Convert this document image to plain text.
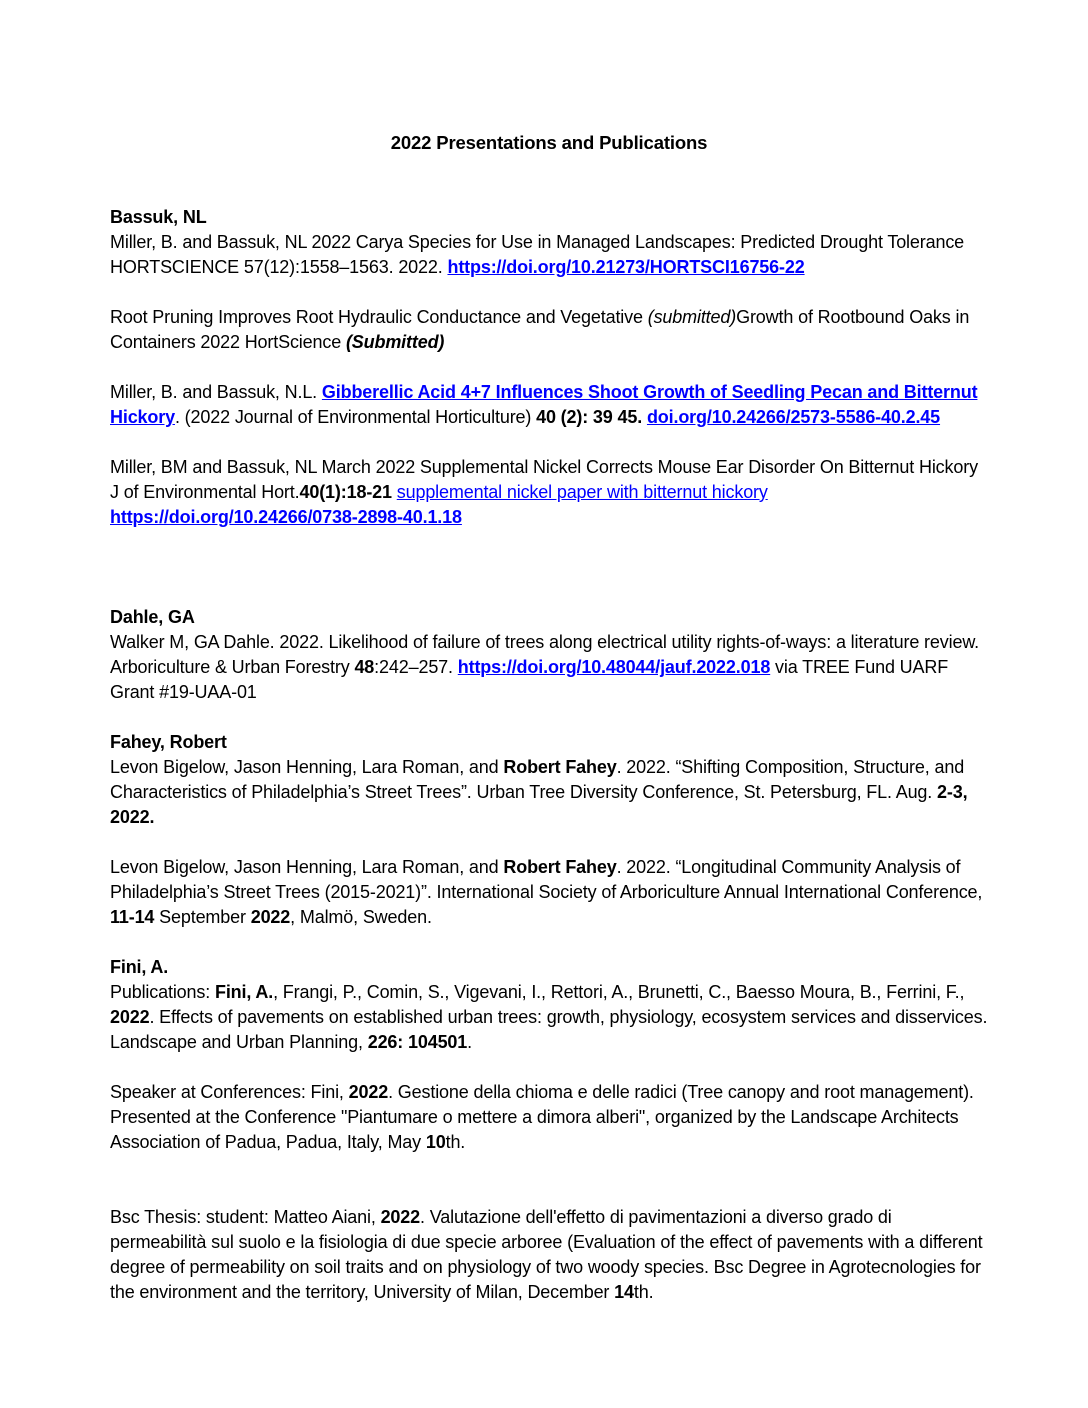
2022 Presentations and Publications
Bassuk, NL
Miller, B. and Bassuk, NL 2022 Carya Species for Use in Managed Landscapes: Predicted Drought Tolerance HORTSCIENCE 57(12):1558–1563. 2022. https://doi.org/10.21273/HORTSCI16756-22
Root Pruning Improves Root Hydraulic Conductance and Vegetative (submitted)Growth of Rootbound Oaks in Containers 2022 HortScience (Submitted)
Miller, B. and Bassuk, N.L. Gibberellic Acid 4+7 Influences Shoot Growth of Seedling Pecan and Bitternut Hickory. (2022 Journal of Environmental Horticulture) 40 (2): 39 45. doi.org/10.24266/2573-5586-40.2.45
Miller, BM and Bassuk, NL March 2022 Supplemental Nickel Corrects Mouse Ear Disorder On Bitternut Hickory J of Environmental Hort.40(1):18-21 supplemental nickel paper with bitternut hickory https://doi.org/10.24266/0738-2898-40.1.18
Dahle, GA
Walker M, GA Dahle. 2022. Likelihood of failure of trees along electrical utility rights-of-ways: a literature review. Arboriculture & Urban Forestry 48:242–257. https://doi.org/10.48044/jauf.2022.018 via TREE Fund UARF Grant #19-UAA-01
Fahey, Robert
Levon Bigelow, Jason Henning, Lara Roman, and Robert Fahey. 2022. “Shifting Composition, Structure, and Characteristics of Philadelphia’s Street Trees”. Urban Tree Diversity Conference, St. Petersburg, FL. Aug. 2-3, 2022.
Levon Bigelow, Jason Henning, Lara Roman, and Robert Fahey. 2022. “Longitudinal Community Analysis of Philadelphia’s Street Trees (2015-2021)”. International Society of Arboriculture Annual International Conference, 11-14 September 2022, Malmö, Sweden.
Fini, A.
Publications: Fini, A., Frangi, P., Comin, S., Vigevani, I., Rettori, A., Brunetti, C., Baesso Moura, B., Ferrini, F., 2022. Effects of pavements on established urban trees: growth, physiology, ecosystem services and disservices. Landscape and Urban Planning, 226: 104501.
Speaker at Conferences: Fini, 2022. Gestione della chioma e delle radici (Tree canopy and root management). Presented at the Conference "Piantumare o mettere a dimora alberi", organized by the Landscape Architects Association of Padua, Padua, Italy, May 10th.
Bsc Thesis: student: Matteo Aiani, 2022. Valutazione dell'effetto di pavimentazioni a diverso grado di permeabilità sul suolo e la fisiologia di due specie arboree (Evaluation of the effect of pavements with a different degree of permeability on soil traits and on physiology of two woody species. Bsc Degree in Agrotecnologies for the environment and the territory, University of Milan, December 14th.
